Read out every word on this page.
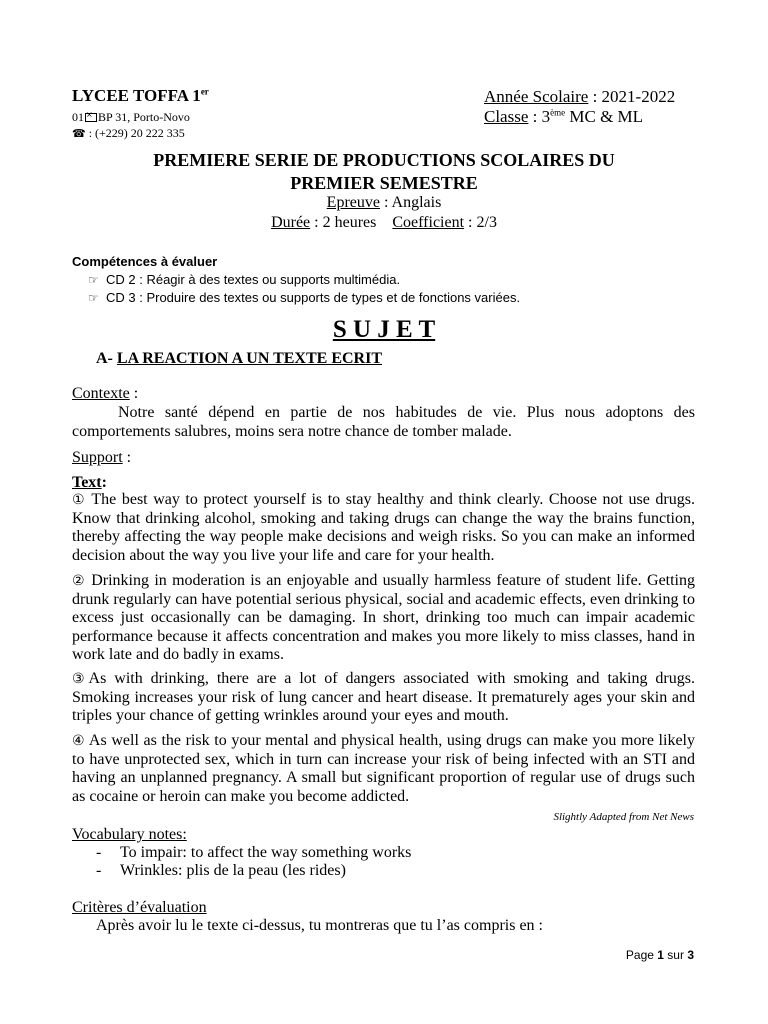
LYCEE TOFFA 1er
01 ⨯ BP 31, Porto-Novo
☎ : (+229) 20 222 335
Année Scolaire : 2021-2022
Classe : 3ème MC & ML
PREMIERE SERIE DE PRODUCTIONS SCOLAIRES DU
PREMIER SEMESTRE
Epreuve : Anglais
Durée : 2 heures Coefficient : 2/3
Compétences à évaluer
☞ CD 2 : Réagir à des textes ou supports multimédia.
☞ CD 3 : Produire des textes ou supports de types et de fonctions variées.
S U J E T
A- LA REACTION A UN TEXTE ECRIT
Contexte :
Notre santé dépend en partie de nos habitudes de vie. Plus nous adoptons des comportements salubres, moins sera notre chance de tomber malade.
Support :
Text:
① The best way to protect yourself is to stay healthy and think clearly. Choose not use drugs. Know that drinking alcohol, smoking and taking drugs can change the way the brains function, thereby affecting the way people make decisions and weigh risks. So you can make an informed decision about the way you live your life and care for your health.
② Drinking in moderation is an enjoyable and usually harmless feature of student life. Getting drunk regularly can have potential serious physical, social and academic effects, even drinking to excess just occasionally can be damaging. In short, drinking too much can impair academic performance because it affects concentration and makes you more likely to miss classes, hand in work late and do badly in exams.
③As with drinking, there are a lot of dangers associated with smoking and taking drugs. Smoking increases your risk of lung cancer and heart disease. It prematurely ages your skin and triples your chance of getting wrinkles around your eyes and mouth.
④ As well as the risk to your mental and physical health, using drugs can make you more likely to have unprotected sex, which in turn can increase your risk of being infected with an STI and having an unplanned pregnancy. A small but significant proportion of regular use of drugs such as cocaine or heroin can make you become addicted.
Slightly Adapted from Net News
Vocabulary notes:
- To impair: to affect the way something works
- Wrinkles: plis de la peau (les rides)
Critères d’évaluation
Après avoir lu le texte ci-dessus, tu montreras que tu l’as compris en :
Page 1 sur 3
